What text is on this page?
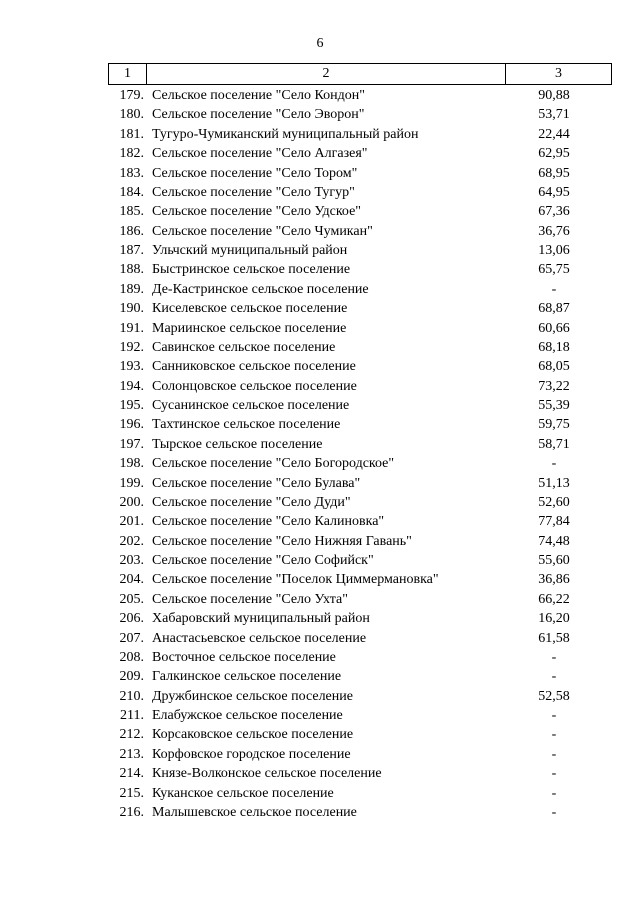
6
1	2	3
179. Сельское поселение "Село Кондон"	90,88
180. Сельское поселение "Село Эворон"	53,71
181. Тугуро-Чумиканский муниципальный район	22,44
182. Сельское поселение "Село Алгазея"	62,95
183. Сельское поселение "Село Тором"	68,95
184. Сельское поселение "Село Тугур"	64,95
185. Сельское поселение "Село Удское"	67,36
186. Сельское поселение "Село Чумикан"	36,76
187. Ульчский муниципальный район	13,06
188. Быстринское сельское поселение	65,75
189. Де-Кастринское сельское поселение	-
190. Киселевское сельское поселение	68,87
191. Мариинское сельское поселение	60,66
192. Савинское сельское поселение	68,18
193. Санниковское сельское поселение	68,05
194. Солонцовское сельское поселение	73,22
195. Сусанинское сельское поселение	55,39
196. Тахтинское сельское поселение	59,75
197. Тырское сельское поселение	58,71
198. Сельское поселение "Село Богородское"	-
199. Сельское поселение "Село Булава"	51,13
200. Сельское поселение "Село Дуди"	52,60
201. Сельское поселение "Село Калиновка"	77,84
202. Сельское поселение "Село Нижняя Гавань"	74,48
203. Сельское поселение "Село Софийск"	55,60
204. Сельское поселение "Поселок Циммермановка"	36,86
205. Сельское поселение "Село Ухта"	66,22
206. Хабаровский муниципальный район	16,20
207. Анастасьевское сельское поселение	61,58
208. Восточное сельское поселение	-
209. Галкинское сельское поселение	-
210. Дружбинское сельское поселение	52,58
211. Елабужское сельское поселение	-
212. Корсаковское сельское поселение	-
213. Корфовское городское поселение	-
214. Князе-Волконское сельское поселение	-
215. Куканское сельское поселение	-
216. Малышевское сельское поселение	-
